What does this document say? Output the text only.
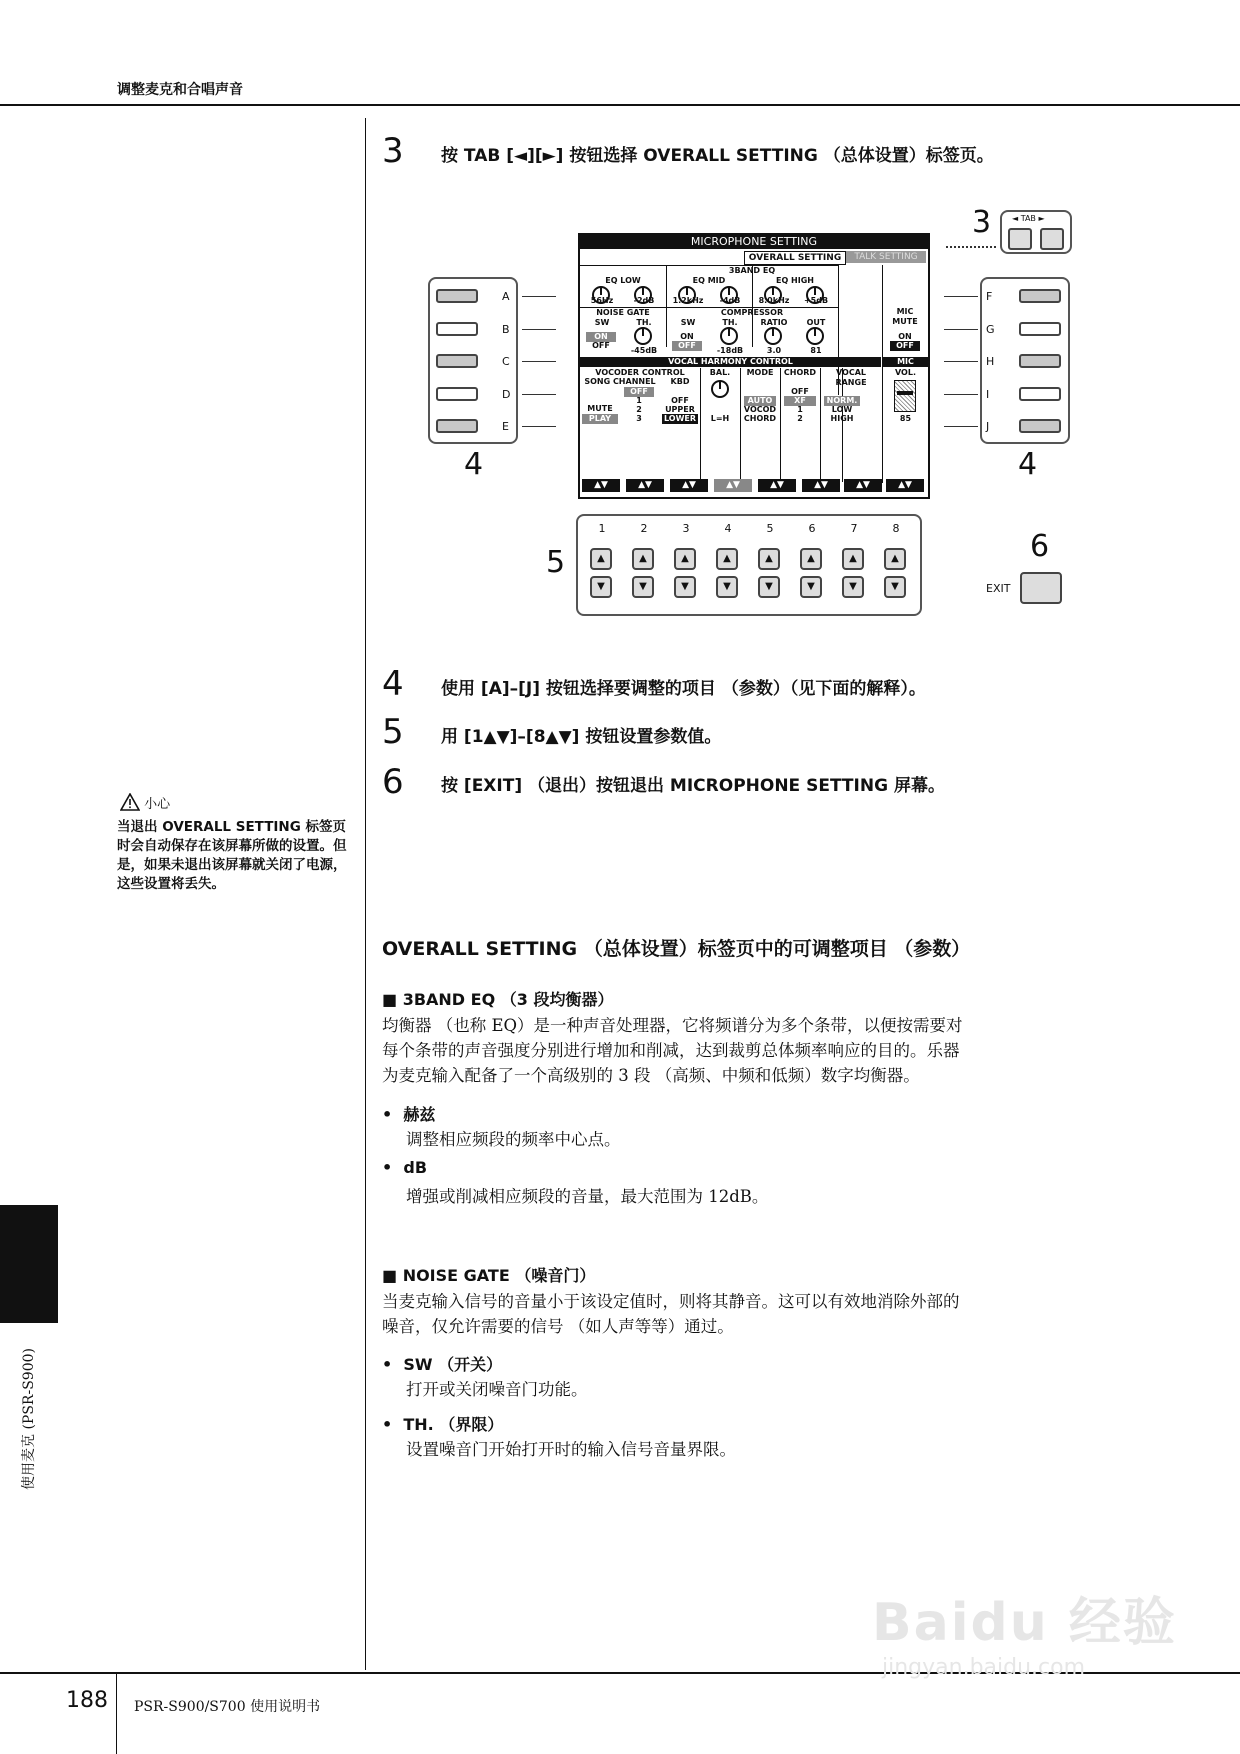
调整麦克和合唱声音
3 按 TAB [◄][►] 按钮选择 OVERALL SETTING （总体设置）标签页。
3	◄ TAB ►
A
B
C
D
E
4
F
G
H
I
J
4
MICROPHONE SETTING
OVERALL SETTING	TALK SETTING
3BAND EQ
EQ LOW	EQ MID	EQ HIGH
56Hz	-2dB	1.2kHz	-4dB	8.0kHz	+5dB
NOISE GATE	COMPRESSOR
SW	TH.	SW	TH.	RATIO	OUT
ON
OFF
-45dB
ON
OFF
-18dB	3.0	81
MIC MUTE
ON
OFF
VOCAL HARMONY CONTROL	MIC
VOCODER CONTROL
SONG CHANNEL	KBD
BAL.	MODE	CHORD	VOCAL RANGE
VOL.
OFF
1
2
3
MUTE
PLAY
OFF
UPPER
LOWER	L=H
AUTO
VOCOD
CHORD
OFF
XF
1
2
NORM.
LOW
HIGH	85
▲▼	▲▼	▲▼	▲▼	▲▼	▲▼	▲▼	▲▼
1	2	3	4	5	6	7	8
▲
▼
▲
▼
▲
▼
▲
▼
▲
▼
▲
▼
▲
▼
▲
▼
5	6
EXIT
4 使用 [A]–[J] 按钮选择要调整的项目 （参数）（见下面的解释）。
5 用 [1▲▼]–[8▲▼] 按钮设置参数值。
6 按 [EXIT] （退出）按钮退出 MICROPHONE SETTING 屏幕。
小心
当退出 OVERALL SETTING 标签页时会自动保存在该屏幕所做的设置。但是，如果未退出该屏幕就关闭了电源，这些设置将丢失。
OVERALL SETTING （总体设置）标签页中的可调整项目 （参数）
■ 3BAND EQ （3 段均衡器）
均衡器 （也称 EQ）是一种声音处理器，它将频谱分为多个条带，以便按需要对
每个条带的声音强度分别进行增加和削减，达到裁剪总体频率响应的目的。乐器
为麦克输入配备了一个高级别的 3 段 （高频、中频和低频）数字均衡器。
•  赫兹
调整相应频段的频率中心点。
•  dB
增强或削减相应频段的音量，最大范围为 12dB。
■ NOISE GATE （噪音门）
当麦克输入信号的音量小于该设定值时，则将其静音。这可以有效地消除外部的
噪音，仅允许需要的信号 （如人声等等）通过。
•  SW （开关）
打开或关闭噪音门功能。
•  TH. （界限）
设置噪音门开始打开时的输入信号音量界限。
使用麦克 (PSR-S900)
188 PSR-S900/S700 使用说明书
Baidu 经验
jingyan.baidu.com
